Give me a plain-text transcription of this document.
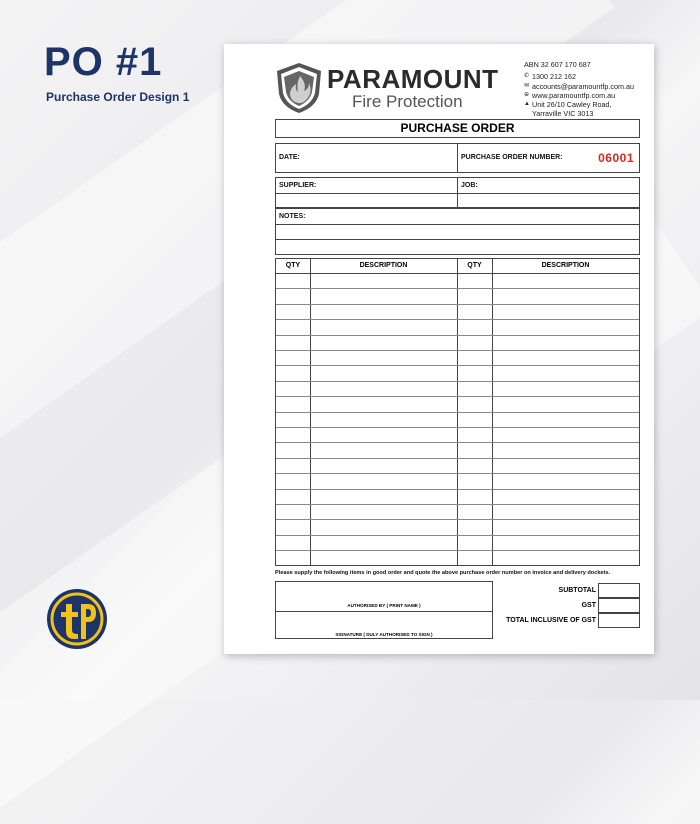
PO #1
Purchase Order Design 1
PARAMOUNT
Fire Protection
ABN 32 607 170 687
✆ 1300 212 162
✉ accounts@paramountfp.com.au
⊕ www.paramountfp.com.au
▲ Unit 26/10 Cawley Road,
Yarraville VIC 3013
PURCHASE ORDER
DATE:	PURCHASE ORDER NUMBER:	06001
SUPPLIER:	JOB:
NOTES:
QTY	DESCRIPTION	QTY	DESCRIPTION
Please supply the following items in good order and quote the above purchase order number on invoice and delivery dockets.
AUTHORISED BY ( PRINT NAME )
SIGNATURE ( DULY AUTHORISED TO SIGN )
SUBTOTAL
GST
TOTAL INCLUSIVE OF GST
